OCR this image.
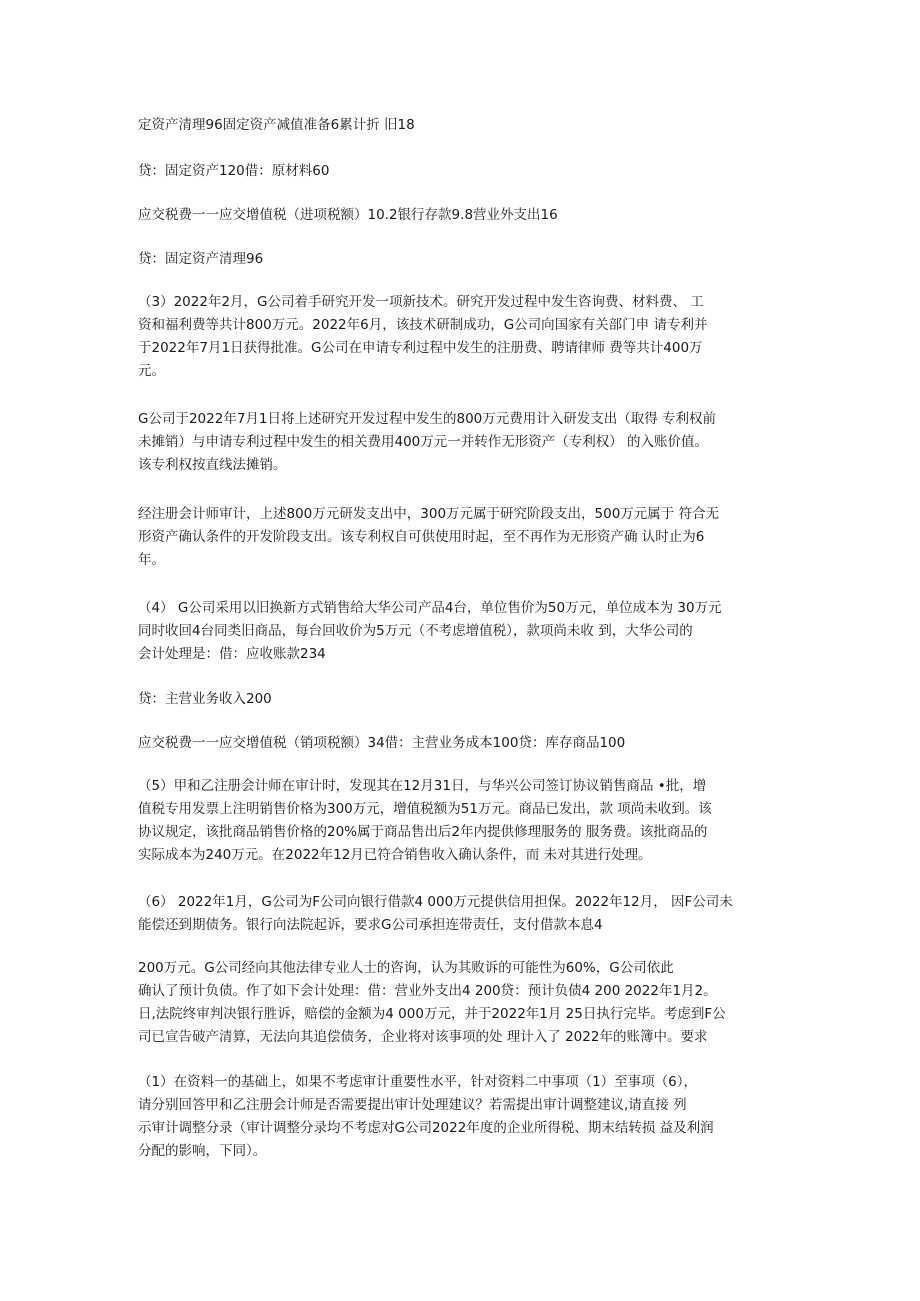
定资产清理96固定资产减值准备6累计折 旧18
贷：固定资产120借：原材料60
应交税费一一应交增值税（进项税额）10.2银行存款9.8营业外支出16
贷：固定资产清理96
（3）2022年2月，G公司着手研究开发一项新技术。研究开发过程中发生咨询费、材料费、 工
资和福利费等共计800万元。2022年6月，该技术研制成功，G公司向国家有关部门申 请专利并
于2022年7月1日获得批准。G公司在申请专利过程中发生的注册费、聘请律师 费等共计400万
元。
G公司于2022年7月1日将上述研究开发过程中发生的800万元费用计入研发支出（取得 专利权前
未摊销）与申请专利过程中发生的相关费用400万元一并转作无形资产（专利权） 的入账价值。
该专利权按直线法摊销。
经注册会计师审计，上述800万元研发支出中，300万元属于研究阶段支出，500万元属于 符合无
形资产确认条件的开发阶段支出。该专利权自可供使用时起，至不再作为无形资产确 认时止为6
年。
（4） G公司采用以旧换新方式销售给大华公司产品4台，单位售价为50万元，单位成本为 30万元
同时收回4台同类旧商品，每台回收价为5万元（不考虑增值税），款项尚未收 到，大华公司的
会计处理是：借：应收账款234
贷：主营业务收入200
应交税费一一应交增值税（销项税额）34借：主营业务成本100贷：库存商品100
（5）甲和乙注册会计师在审计时，发现其在12月31日，与华兴公司签订协议销售商品 •批，增
值税专用发票上注明销售价格为300万元，增值税额为51万元。商品已发出，款 项尚未收到。该
协议规定，该批商品销售价格的20%属于商品售出后2年内提供修理服务的 服务费。该批商品的
实际成本为240万元。在2022年12月已符合销售收入确认条件，而 未对其进行处理。
（6） 2022年1月，G公司为F公司向银行借款4 000万元提供信用担保。2022年12月， 因F公司未
能偿还到期债务。银行向法院起诉，要求G公司承担连带责任，支付借款本息4
200万元。G公司经向其他法律专业人士的咨询，认为其败诉的可能性为60%，G公司依此
确认了预计负债。作了如下会计处理：借：营业外支出4 200贷：预计负债4 200 2022年1月2。
日,法院终审判决银行胜诉，赔偿的金额为4 000万元，并于2022年1月 25日执行完毕。考虑到F公
司已宣告破产清算，无法向其追偿债务，企业将对该事项的处 理计入了 2022年的账簿中。要求
（1）在资料一的基础上，如果不考虑审计重要性水平，针对资料二中事项（1）至事项（6），
请分别回答甲和乙注册会计师是否需要提出审计处理建议？若需提出审计调整建议,请直接 列
示审计调整分录（审计调整分录均不考虑对G公司2022年度的企业所得税、期末结转损 益及利润
分配的影响，下同）。
